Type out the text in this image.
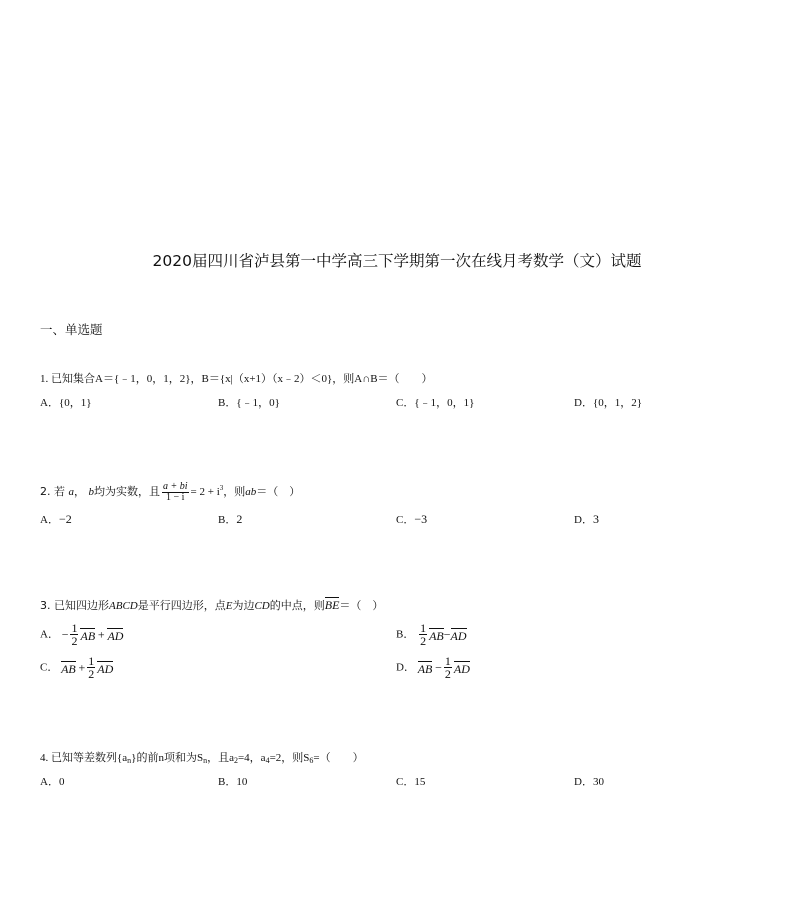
2020届四川省泸县第一中学高三下学期第一次在线月考数学（文）试题
一、单选题
1. 已知集合A＝{﹣1，0，1，2}，B＝{x|（x+1）（x﹣2）＜0}，则A∩B＝（　　）
A．{0，1}	B．{﹣1，0}	C．{﹣1，0，1}	D．{0，1，2}
2. 若 a， b均为实数，且 $\frac{a + bi}{1 - i} = 2 + i^3$，则ab＝（　）
A．−2	B．2	C．−3	D．3
3. 已知四边形ABCD是平行四边形，点E为边CD的中点，则BE＝（　）
A． − $\frac{1}{2}$ AB + AD	B． $\frac{1}{2} AB-AD$
C． AB + $\frac{1}{2}$ AD	D． AB − $\frac{1}{2}$ AD
4. 已知等差数列$\{a_n\}$的前n项和为$S_n$，且$a_2=4$，$a_4=2$，则$S_6=$（　　）
A．0	B．10	C．15	D．30
